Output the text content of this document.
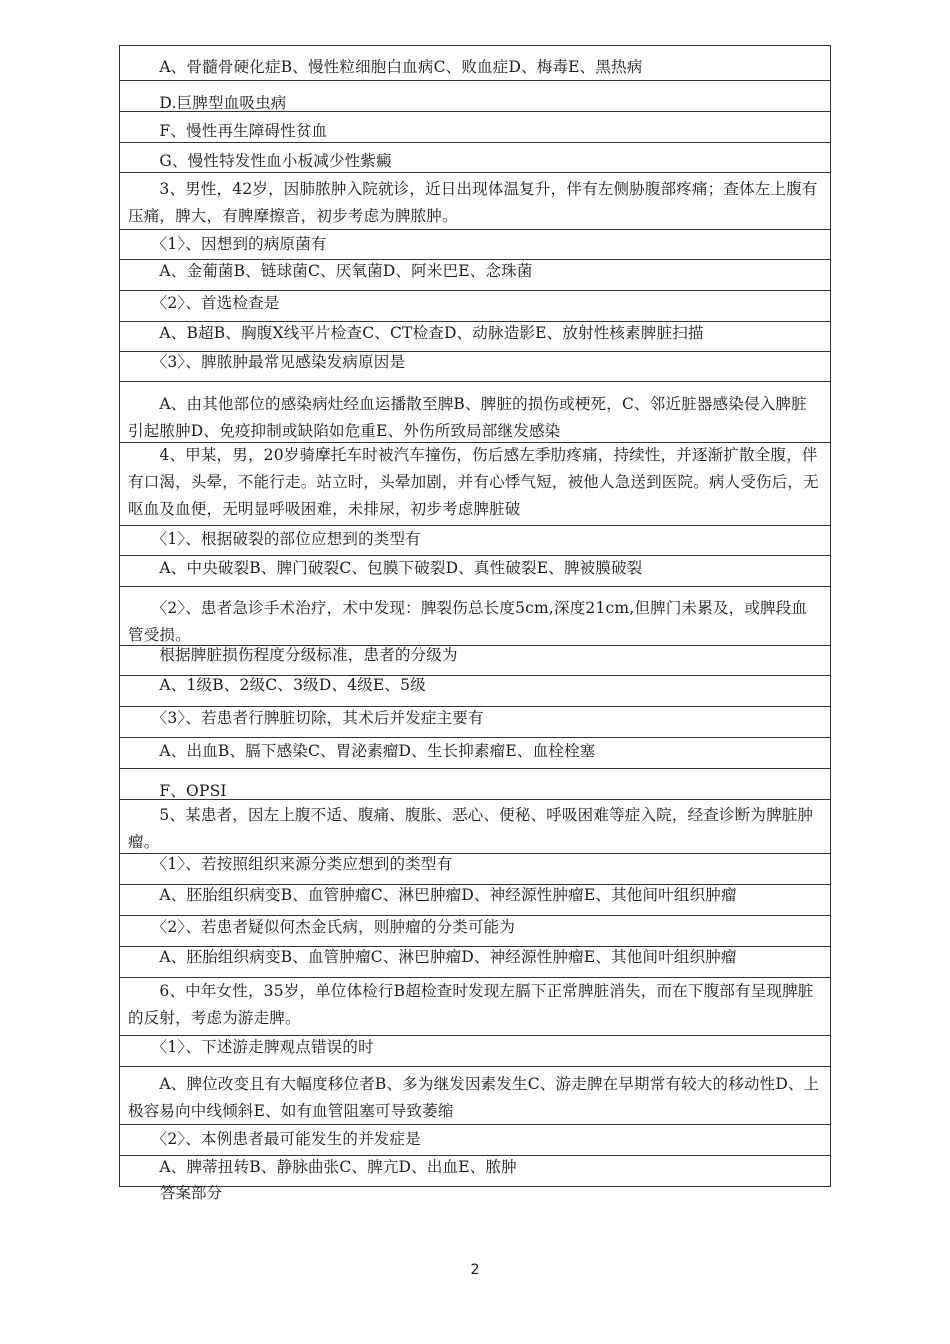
　　A、骨髓骨硬化症B、慢性粒细胞白血病C、败血症D、梅毒E、黑热病
　　D.巨脾型血吸虫病
　　F、慢性再生障碍性贫血
　　G、慢性特发性血小板减少性紫癜
　　3、男性，42岁，因肺脓肿入院就诊，近日出现体温复升，伴有左侧胁腹部疼痛；查体左上腹有压痛，脾大，有脾摩擦音，初步考虑为脾脓肿。
　　〈1〉、因想到的病原菌有
　　A、金葡菌B、链球菌C、厌氧菌D、阿米巴E、念珠菌
　　〈2〉、首选检查是
　　A、B超B、胸腹X线平片检查C、CT检查D、动脉造影E、放射性核素脾脏扫描
　　〈3〉、脾脓肿最常见感染发病原因是
　　A、由其他部位的感染病灶经血运播散至脾B、脾脏的损伤或梗死，C、邻近脏器感染侵入脾脏引起脓肿D、免疫抑制或缺陷如危重E、外伤所致局部继发感染
　　4、甲某，男，20岁骑摩托车时被汽车撞伤，伤后感左季肋疼痛，持续性，并逐渐扩散全腹，伴有口渴，头晕，不能行走。站立时，头晕加剧，并有心悸气短，被他人急送到医院。病人受伤后，无呕血及血便，无明显呼吸困难，未排尿，初步考虑脾脏破
　　〈1〉、根据破裂的部位应想到的类型有
　　A、中央破裂B、脾门破裂C、包膜下破裂D、真性破裂E、脾被膜破裂
　　〈2〉、患者急诊手术治疗，术中发现：脾裂伤总长度5cm,深度21cm,但脾门未累及，或脾段血管受损。
　　根据脾脏损伤程度分级标准，患者的分级为
　　A、1级B、2级C、3级D、4级E、5级
　　〈3〉、若患者行脾脏切除，其术后并发症主要有
　　A、出血B、膈下感染C、胃泌素瘤D、生长抑素瘤E、血栓栓塞
　　F、OPSI
　　5、某患者，因左上腹不适、腹痛、腹胀、恶心、便秘、呼吸困难等症入院，经查诊断为脾脏肿瘤。
　　〈1〉、若按照组织来源分类应想到的类型有
　　A、胚胎组织病变B、血管肿瘤C、淋巴肿瘤D、神经源性肿瘤E、其他间叶组织肿瘤
　　〈2〉、若患者疑似何杰金氏病，则肿瘤的分类可能为
　　A、胚胎组织病变B、血管肿瘤C、淋巴肿瘤D、神经源性肿瘤E、其他间叶组织肿瘤
　　6、中年女性，35岁，单位体检行B超检查时发现左膈下正常脾脏消失，而在下腹部有呈现脾脏的反射，考虑为游走脾。
　　〈1〉、下述游走脾观点错误的时
　　A、脾位改变且有大幅度移位者B、多为继发因素发生C、游走脾在早期常有较大的移动性D、上极容易向中线倾斜E、如有血管阻塞可导致萎缩
　　〈2〉、本例患者最可能发生的并发症是
　　A、脾蒂扭转B、静脉曲张C、脾亢D、出血E、脓肿
答案部分
2
